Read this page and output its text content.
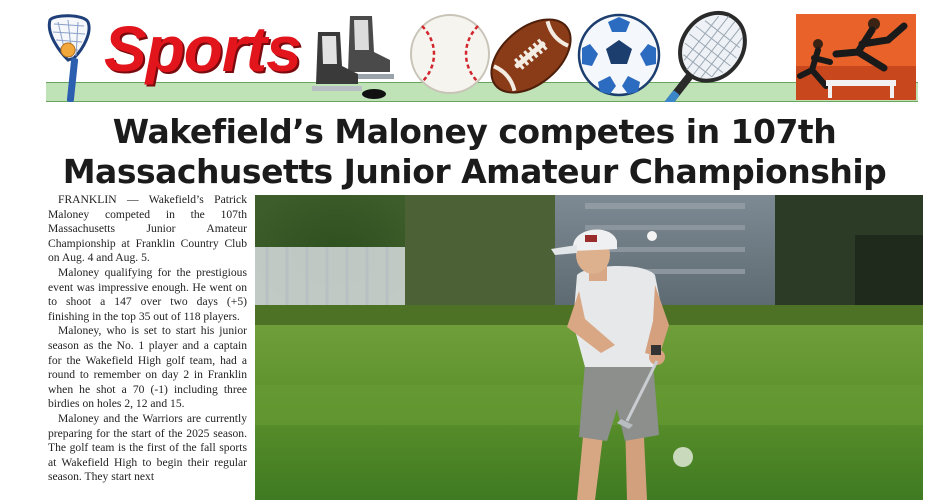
Sports
Wakefield’s Maloney competes in 107th
Massachusetts Junior Amateur Championship

FRANKLIN — Wakefield’s Patrick Maloney competed in the 107th Massachusetts Junior Amateur Championship at Franklin Country Club on Aug. 4 and Aug. 5.

Maloney qualifying for the prestigious event was impressive enough. He went on to shoot a 147 over two days (+5) finishing in the top 35 out of 118 players.

Maloney, who is set to start his junior season as the No. 1 player and a captain for the Wakefield High golf team, had a round to remember on day 2 in Franklin when he shot a 70 (-1) including three birdies on holes 2, 12 and 15.

Maloney and the Warriors are currently preparing for the start of the 2025 season. The golf team is the first of the fall sports at Wakefield High to begin their regular season. They start next
